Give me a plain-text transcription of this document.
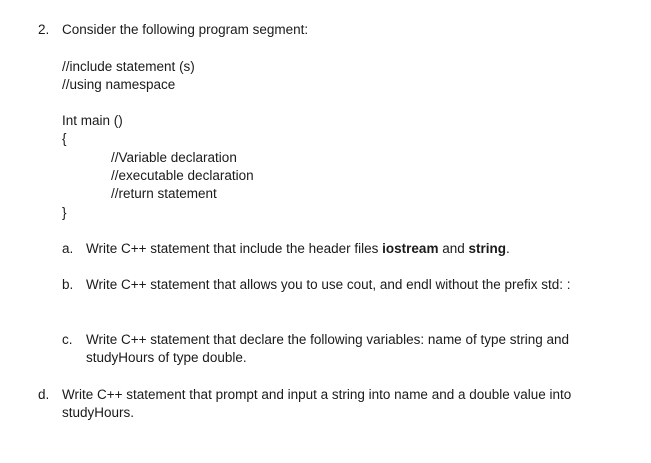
2. Consider the following program segment:
//include statement (s)
//using namespace
Int main ()
{
//Variable declaration
//executable declaration
//return statement
}
a. Write C++ statement that include the header files iostream and string.
b. Write C++ statement that allows you to use cout, and endl without the prefix std: :
c. Write C++ statement that declare the following variables: name of type string and
studyHours of type double.
d. Write C++ statement that prompt and input a string into name and a double value into
studyHours.
